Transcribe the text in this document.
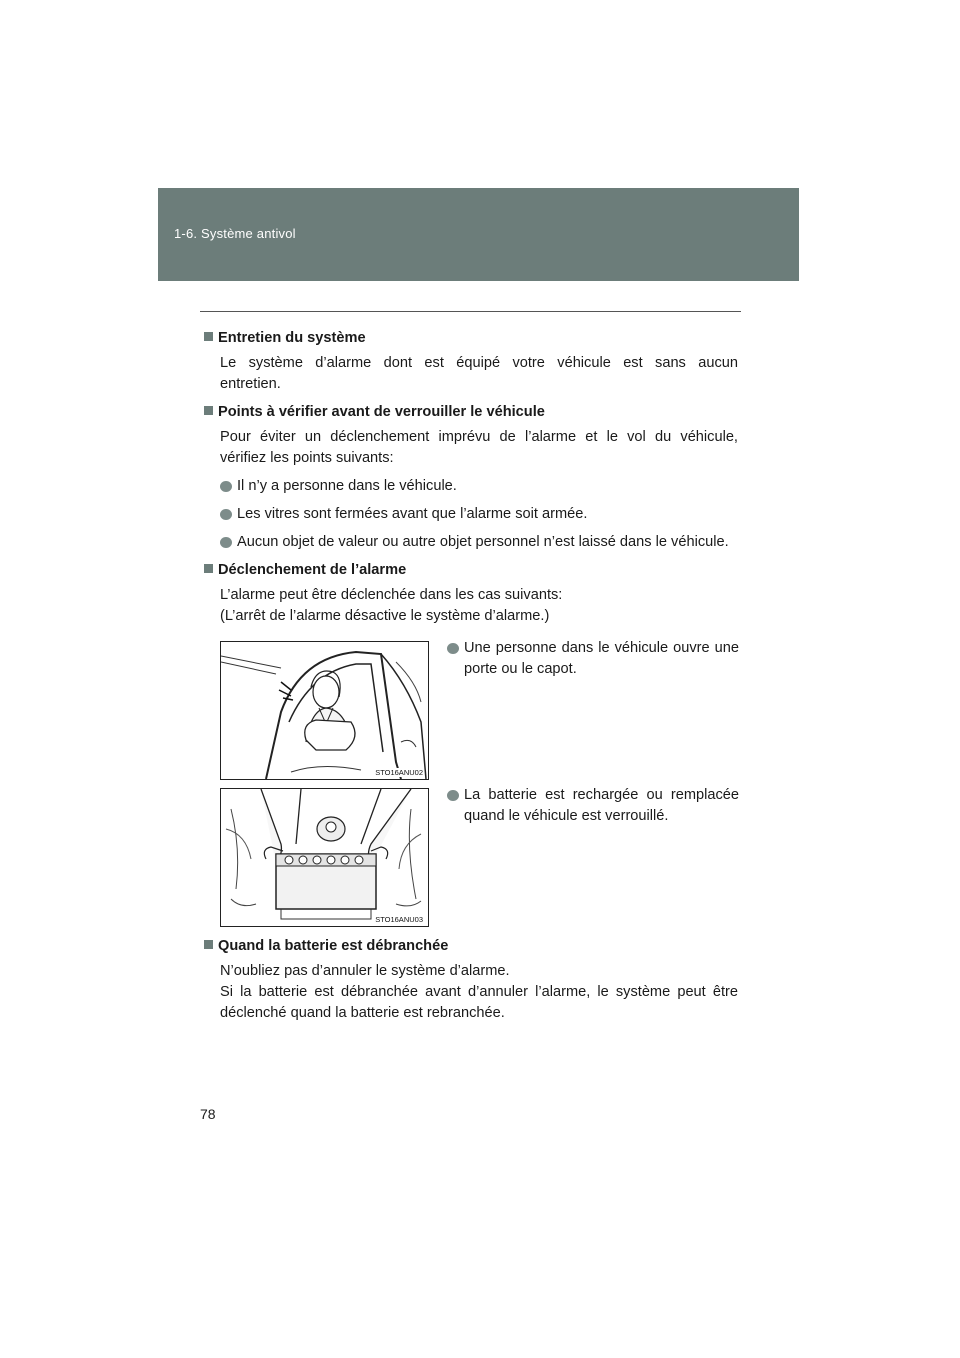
1-6. Système antivol
Entretien du système
Le système d’alarme dont est équipé votre véhicule est sans aucun
entretien.
Points à vérifier avant de verrouiller le véhicule
Pour éviter un déclenchement imprévu de l’alarme et le vol du véhicule,
vérifiez les points suivants:
Il n’y a personne dans le véhicule.
Les vitres sont fermées avant que l’alarme soit armée.
Aucun objet de valeur ou autre objet personnel n’est laissé dans le véhicule.
Déclenchement de l’alarme
L’alarme peut être déclenchée dans les cas suivants:
(L’arrêt de l’alarme désactive le système d’alarme.)
STO16ANU02
Une personne dans le véhicule ouvre une porte ou le capot.
STO16ANU03
La batterie est rechargée ou remplacée quand le véhicule est verrouillé.
Quand la batterie est débranchée
N’oubliez pas d’annuler le système d’alarme.
Si la batterie est débranchée avant d’annuler l’alarme, le système peut être
déclenché quand la batterie est rebranchée.
78
